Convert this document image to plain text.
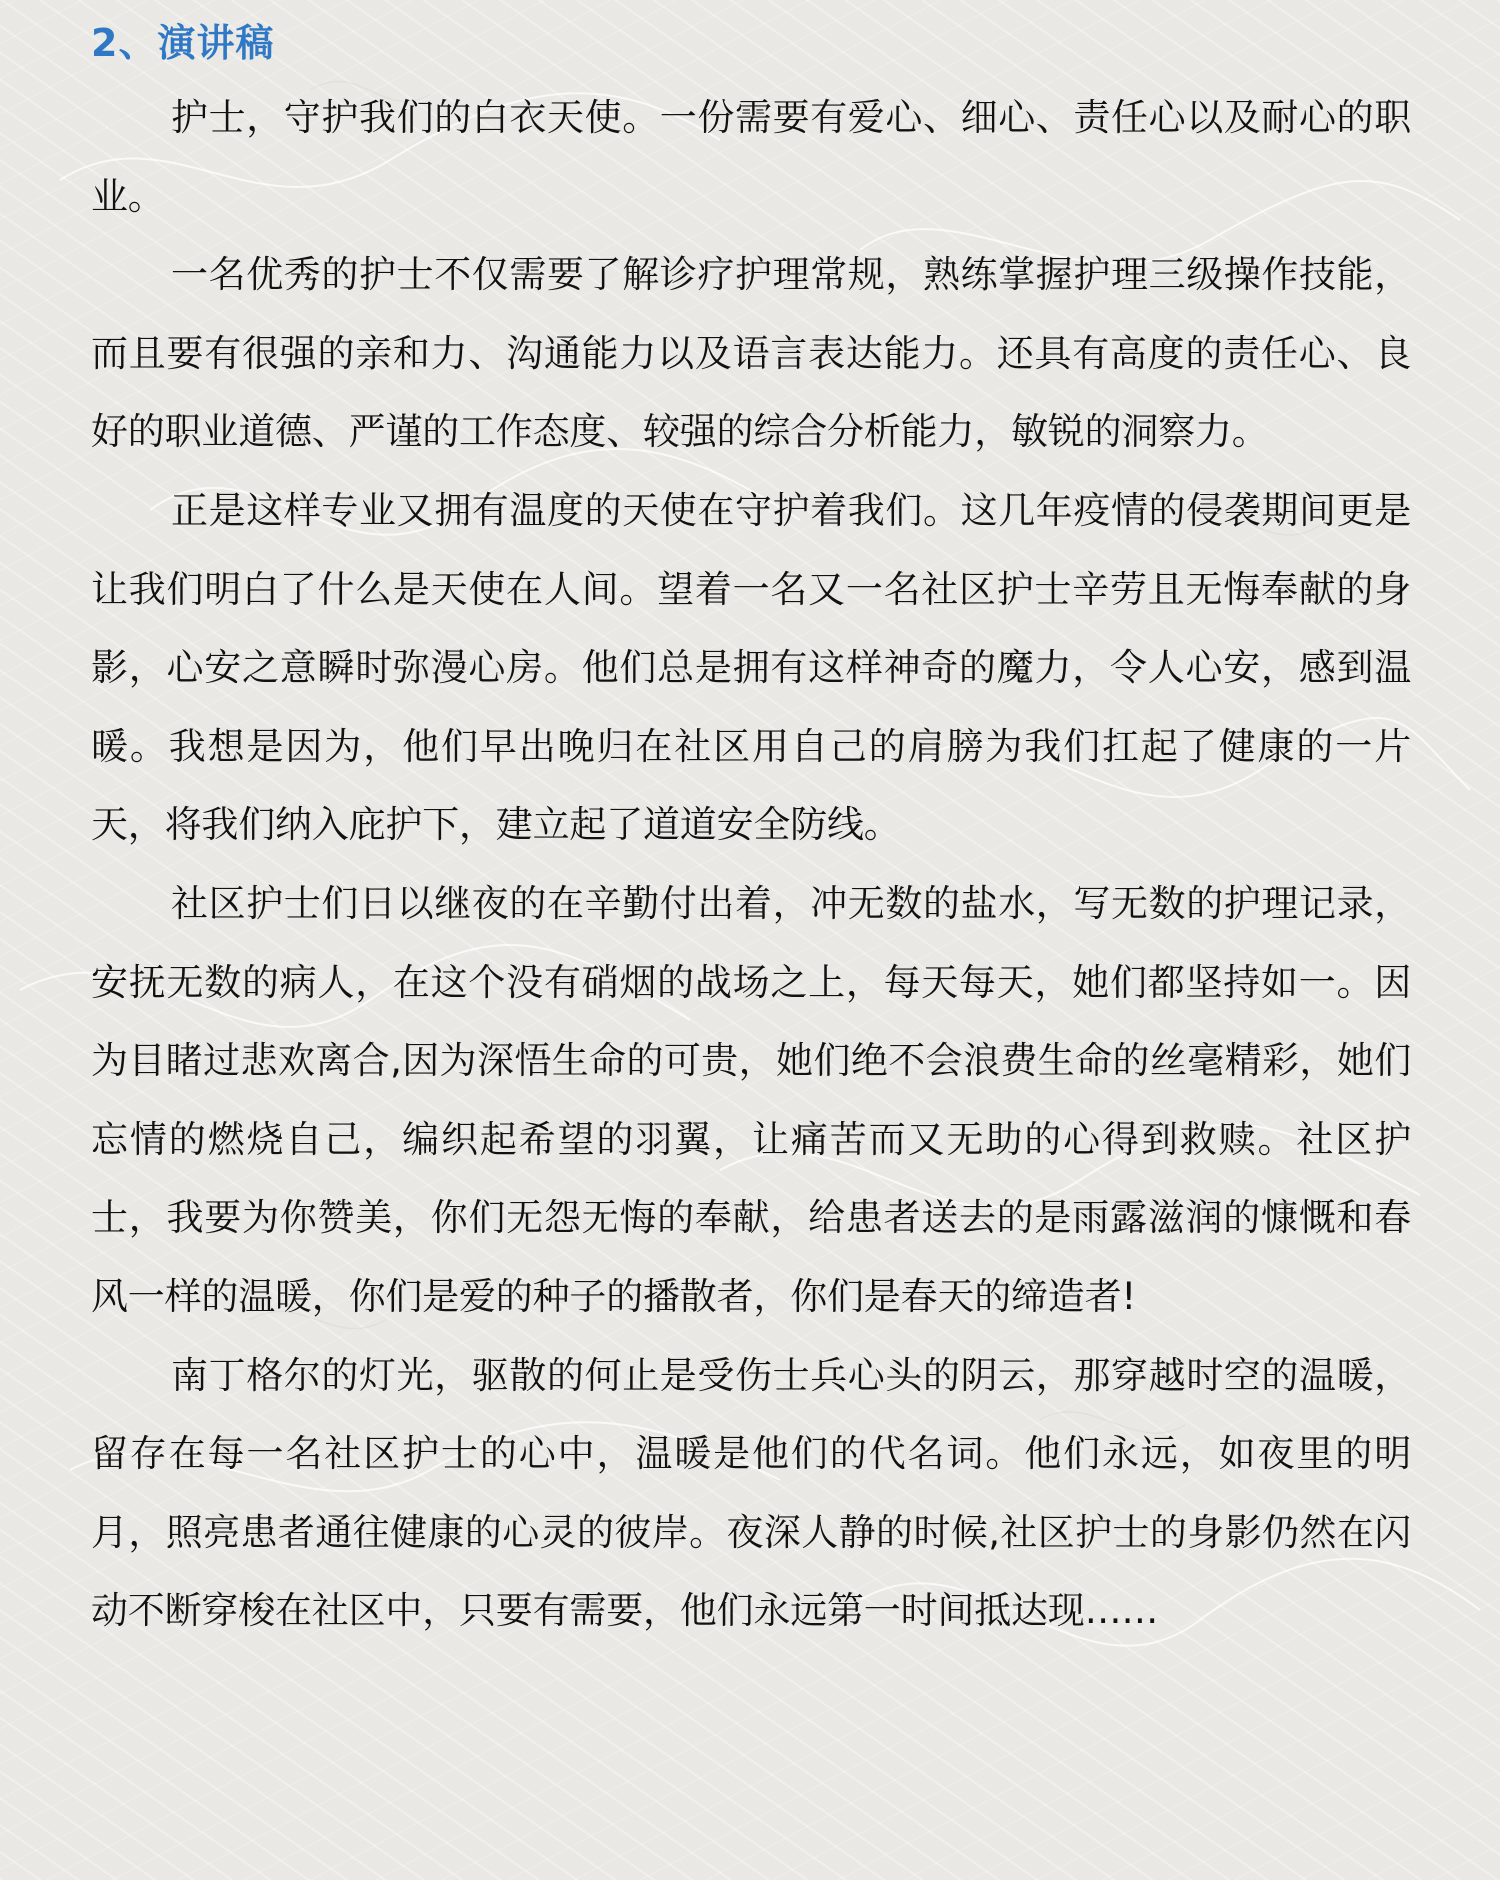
2、演讲稿

护士，守护我们的白衣天使。一份需要有爱心、细心、责任心以及耐心的职业。

一名优秀的护士不仅需要了解诊疗护理常规，熟练掌握护理三级操作技能，而且要有很强的亲和力、沟通能力以及语言表达能力。还具有高度的责任心、良好的职业道德、严谨的工作态度、较强的综合分析能力，敏锐的洞察力。

正是这样专业又拥有温度的天使在守护着我们。这几年疫情的侵袭期间更是让我们明白了什么是天使在人间。望着一名又一名社区护士辛劳且无悔奉献的身影，心安之意瞬时弥漫心房。他们总是拥有这样神奇的魔力，令人心安，感到温暖。我想是因为，他们早出晚归在社区用自己的肩膀为我们扛起了健康的一片天，将我们纳入庇护下，建立起了道道安全防线。

社区护士们日以继夜的在辛勤付出着，冲无数的盐水，写无数的护理记录，安抚无数的病人，在这个没有硝烟的战场之上，每天每天，她们都坚持如一。因为目睹过悲欢离合,因为深悟生命的可贵，她们绝不会浪费生命的丝毫精彩，她们忘情的燃烧自己，编织起希望的羽翼，让痛苦而又无助的心得到救赎。社区护士，我要为你赞美，你们无怨无悔的奉献，给患者送去的是雨露滋润的慷慨和春风一样的温暖，你们是爱的种子的播散者，你们是春天的缔造者!

南丁格尔的灯光，驱散的何止是受伤士兵心头的阴云，那穿越时空的温暖，留存在每一名社区护士的心中，温暖是他们的代名词。他们永远，如夜里的明月，照亮患者通往健康的心灵的彼岸。夜深人静的时候,社区护士的身影仍然在闪动不断穿梭在社区中，只要有需要，他们永远第一时间抵达现……
